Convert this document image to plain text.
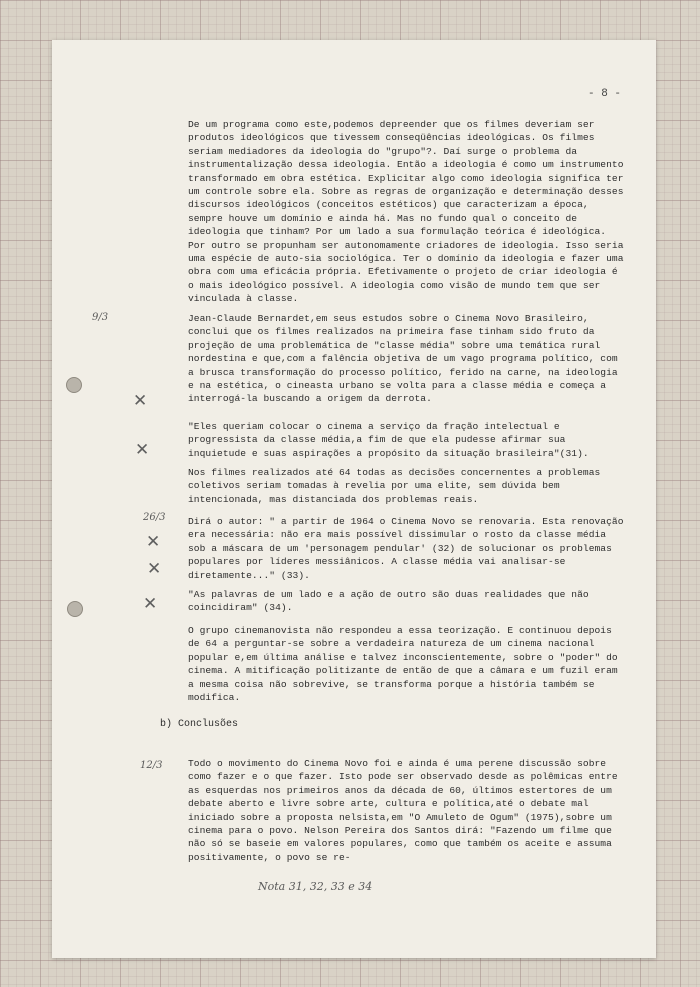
- 8 -

De um programa como este,podemos depreender que os filmes deveriam ser produtos ideológicos que tivessem conseqüências ideológicas. Os filmes seriam mediadores da ideologia do "grupo"?. Daí surge o problema da instrumentalização dessa ideologia. Então a ideologia é como um instrumento transformado em obra estética. Explicitar algo como ideologia significa ter um controle sobre ela. Sobre as regras de organização e determinação desses discursos ideológicos (conceitos estéticos) que caracterizam a época, sempre houve um domínio e ainda há. Mas no fundo qual o conceito de ideologia que tinham? Por um lado a sua formulação teórica é ideológica. Por outro se propunham ser autonomamente criadores de ideologia. Isso seria uma espécie de auto-sia sociológica. Ter o domínio da ideologia e fazer uma obra com uma eficácia própria. Efetivamente o projeto de criar ideologia é o mais ideológico possível. A ideologia como visão de mundo tem que ser vinculada à classe.

Jean-Claude Bernardet,em seus estudos sobre o Cinema Novo Brasileiro, conclui que os filmes realizados na primeira fase tinham sido fruto da projeção de uma problemática de "classe média" sobre uma temática rural nordestina e que,com a falência objetiva de um vago programa político, com a brusca transformação do processo político, ferido na carne, na ideologia e na estética, o cineasta urbano se volta para a classe média e começa a interrogá-la buscando a origem da derrota.

"Eles queriam colocar o cinema a serviço da fração intelectual e progressista da classe média,a fim de que ela pudesse afirmar sua inquietude e suas aspirações a propósito da situação brasileira"(31).

Nos filmes realizados até 64 todas as decisões concernentes a problemas coletivos seriam tomadas à revelia por uma elite, sem dúvida bem intencionada, mas distanciada dos problemas reais.

Dirá o autor: " a partir de 1964 o Cinema Novo se renovaria. Esta renovação era necessária: não era mais possível dissimular o rosto da classe média sob a máscara de um 'personagem pendular' (32) de solucionar os problemas populares por líderes messiânicos. A classe média vai analisar-se diretamente..." (33).

"As palavras de um lado e a ação de outro são duas realidades que não coincidiram" (34).

O grupo cinemanovista não respondeu a essa teorização. E continuou depois de 64 a perguntar-se sobre a verdadeira natureza de um cinema nacional popular e,em última análise e talvez inconscientemente, sobre o "poder" do cinema. A mitificação politizante de então de que a câmara e um fuzil eram a mesma coisa não sobrevive, se transforma porque a história também se modifica.

b) Conclusões

Todo o movimento do Cinema Novo foi e ainda é uma perene discussão sobre como fazer e o que fazer. Isto pode ser observado desde as polêmicas entre as esquerdas nos primeiros anos da década de 60, últimos estertores de um debate aberto e livre sobre arte, cultura e política,até o debate mal iniciado sobre a proposta nelsista,em "O Amuleto de Ogum" (1975),sobre um cinema para o povo. Nelson Pereira dos Santos dirá: "Fazendo um filme que não só se baseie em valores populares, como que também os aceite e assuma positivamente, o povo se re-

9/3
26/3
12/3
Nota 31, 32, 33 e 34
✕
✕
✕
✕
✕
